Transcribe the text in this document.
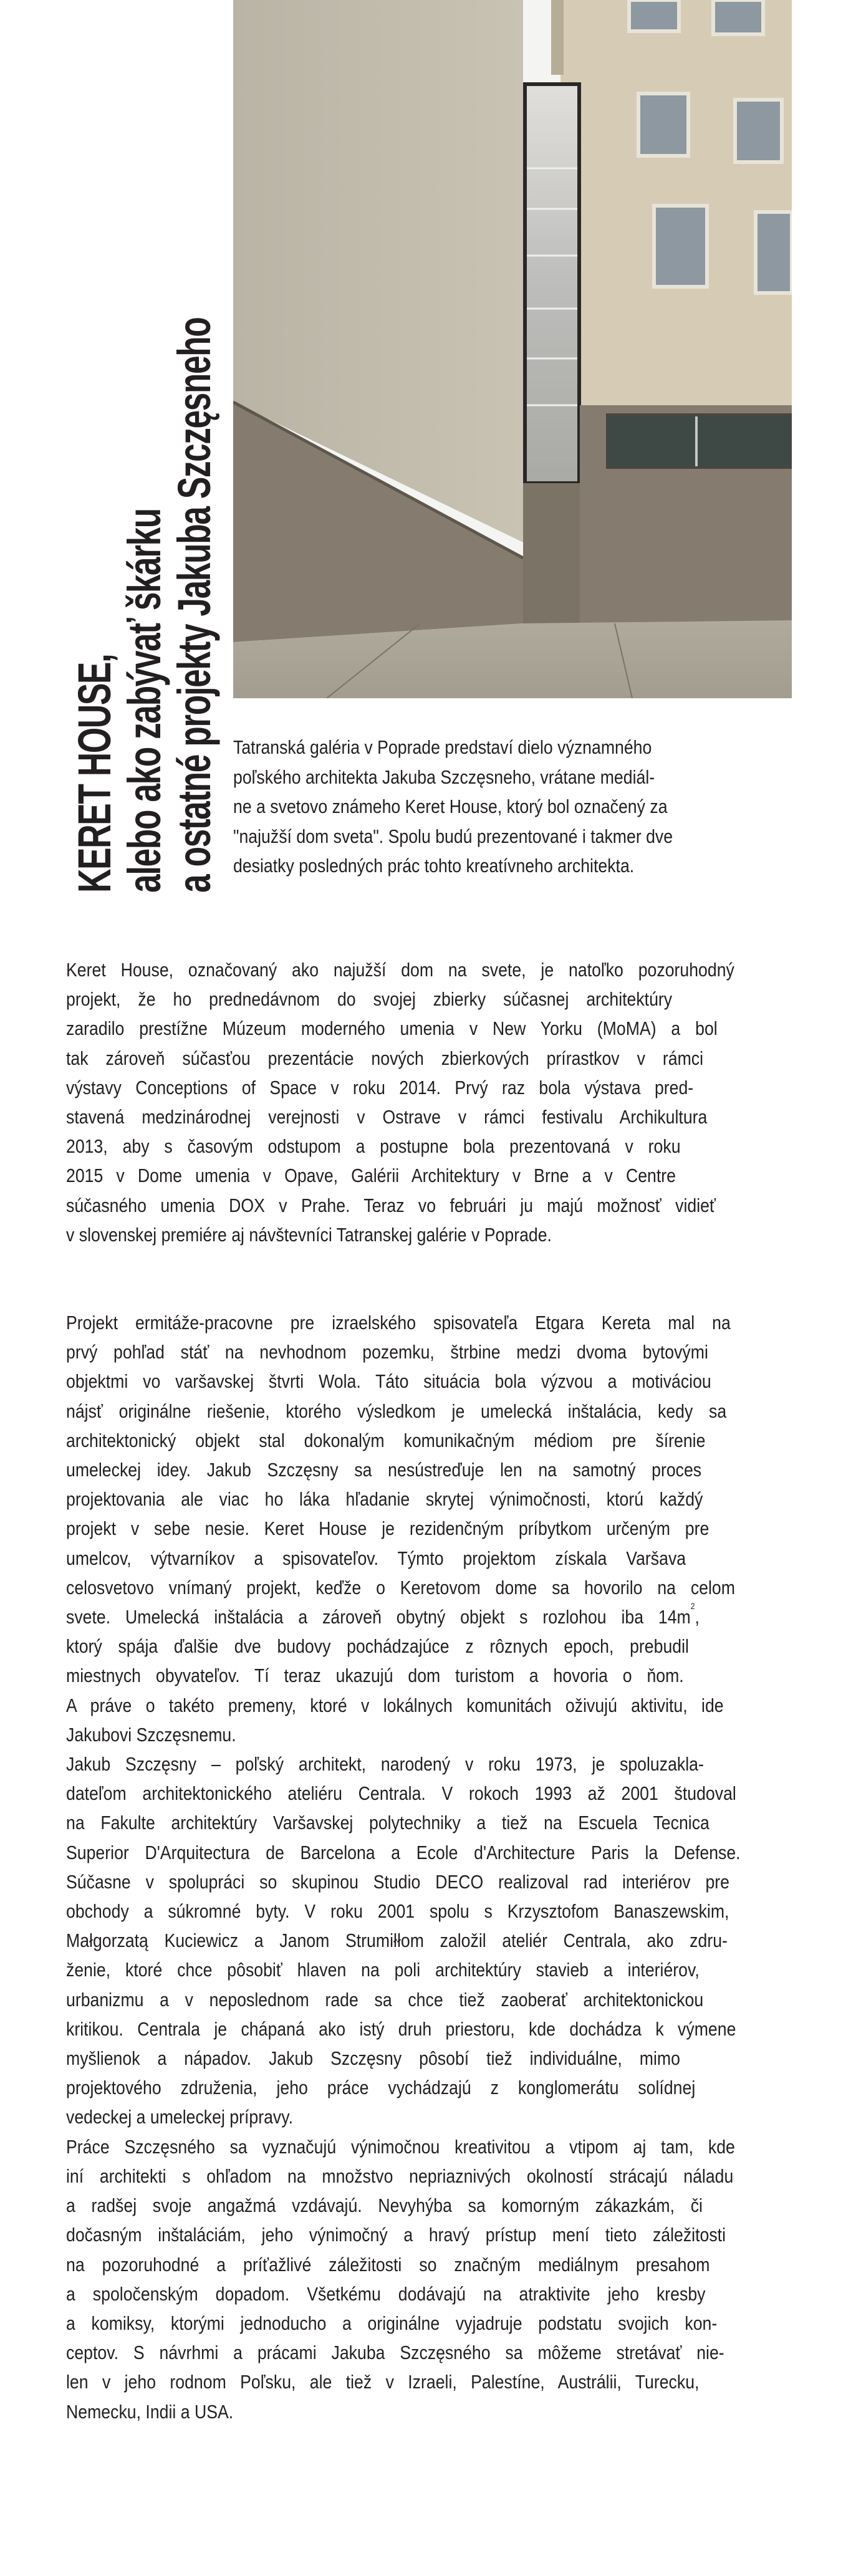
KERET HOUSE,
alebo ako zabývať škárku
a ostatné projekty Jakuba Szczęsneho Tatranská galéria v Poprade predstaví dielo významného
poľského architekta Jakuba Szczęsneho, vrátane mediál-
ne a svetovo známeho Keret House, ktorý bol označený za
"najužší dom sveta". Spolu budú prezentované i takmer dve
desiatky posledných prác tohto kreatívneho architekta.
Keret House, označovaný ako najužší dom na svete, je natoľko pozoruhodný
projekt, že ho prednedávnom do svojej zbierky súčasnej architektúry
zaradilo prestížne Múzeum moderného umenia v New Yorku (MoMA) a bol
tak zároveň súčasťou prezentácie nových zbierkových prírastkov v rámci
výstavy Conceptions of Space v roku 2014. Prvý raz bola výstava pred-
stavená medzinárodnej verejnosti v Ostrave v rámci festivalu Archikultura
2013, aby s časovým odstupom a postupne bola prezentovaná v roku
2015 v Dome umenia v Opave, Galérii Architektury v Brne a v Centre
súčasného umenia DOX v Prahe. Teraz vo februári ju majú možnosť vidieť
v slovenskej premiére aj návštevníci Tatranskej galérie v Poprade.
Projekt ermitáže-pracovne pre izraelského spisovateľa Etgara Kereta mal na
prvý pohľad stáť na nevhodnom pozemku, štrbine medzi dvoma bytovými
objektmi vo varšavskej štvrti Wola. Táto situácia bola výzvou a motiváciou
nájsť originálne riešenie, ktorého výsledkom je umelecká inštalácia, kedy sa
architektonický objekt stal dokonalým komunikačným médiom pre šírenie
umeleckej idey. Jakub Szczęsny sa nesústreďuje len na samotný proces
projektovania ale viac ho láka hľadanie skrytej výnimočnosti, ktorú každý
projekt v sebe nesie. Keret House je rezidenčným príbytkom určeným pre
umelcov, výtvarníkov a spisovateľov. Týmto projektom získala Varšava
celosvetovo vnímaný projekt, keďže o Keretovom dome sa hovorilo na celom
svete. Umelecká inštalácia a zároveň obytný objekt s rozlohou iba $14m^2$,
ktorý spája ďalšie dve budovy pochádzajúce z rôznych epoch, prebudil
miestnych obyvateľov. Tí teraz ukazujú dom turistom a hovoria o ňom.
A práve o takéto premeny, ktoré v lokálnych komunitách oživujú aktivitu, ide
Jakubovi Szczęsnemu.
Jakub Szczęsny – poľský architekt, narodený v roku 1973, je spoluzakla-
dateľom architektonického ateliéru Centrala. V rokoch 1993 až 2001 študoval
na Fakulte architektúry Varšavskej polytechniky a tiež na Escuela Tecnica
Superior D'Arquitectura de Barcelona a Ecole d'Architecture Paris la Defense.
Súčasne v spolupráci so skupinou Studio DECO realizoval rad interiérov pre
obchody a súkromné byty. V roku 2001 spolu s Krzysztofom Banaszewskim,
Małgorzatą Kuciewicz a Janom Strumiłłom založil ateliér Centrala, ako zdru-
ženie, ktoré chce pôsobiť hlaven na poli architektúry stavieb a interiérov,
urbanizmu a v neposlednom rade sa chce tiež zaoberať architektonickou
kritikou. Centrala je chápaná ako istý druh priestoru, kde dochádza k výmene
myšlienok a nápadov. Jakub Szczęsny pôsobí tiež individuálne, mimo
projektového združenia, jeho práce vychádzajú z konglomerátu solídnej
vedeckej a umeleckej prípravy.
Práce Szczęsného sa vyznačujú výnimočnou kreativitou a vtipom aj tam, kde
iní architekti s ohľadom na množstvo nepriaznivých okolností strácajú náladu
a radšej svoje angažmá vzdávajú. Nevyhýba sa komorným zákazkám, či
dočasným inštaláciám, jeho výnimočný a hravý prístup mení tieto záležitosti
na pozoruhodné a príťažlivé záležitosti so značným mediálnym presahom
a spoločenským dopadom. Všetkému dodávajú na atraktivite jeho kresby
a komiksy, ktorými jednoducho a originálne vyjadruje podstatu svojich kon-
ceptov. S návrhmi a prácami Jakuba Szczęsného sa môžeme stretávať nie-
len v jeho rodnom Poľsku, ale tiež v Izraeli, Palestíne, Austrálii, Turecku,
Nemecku, Indii a USA.
